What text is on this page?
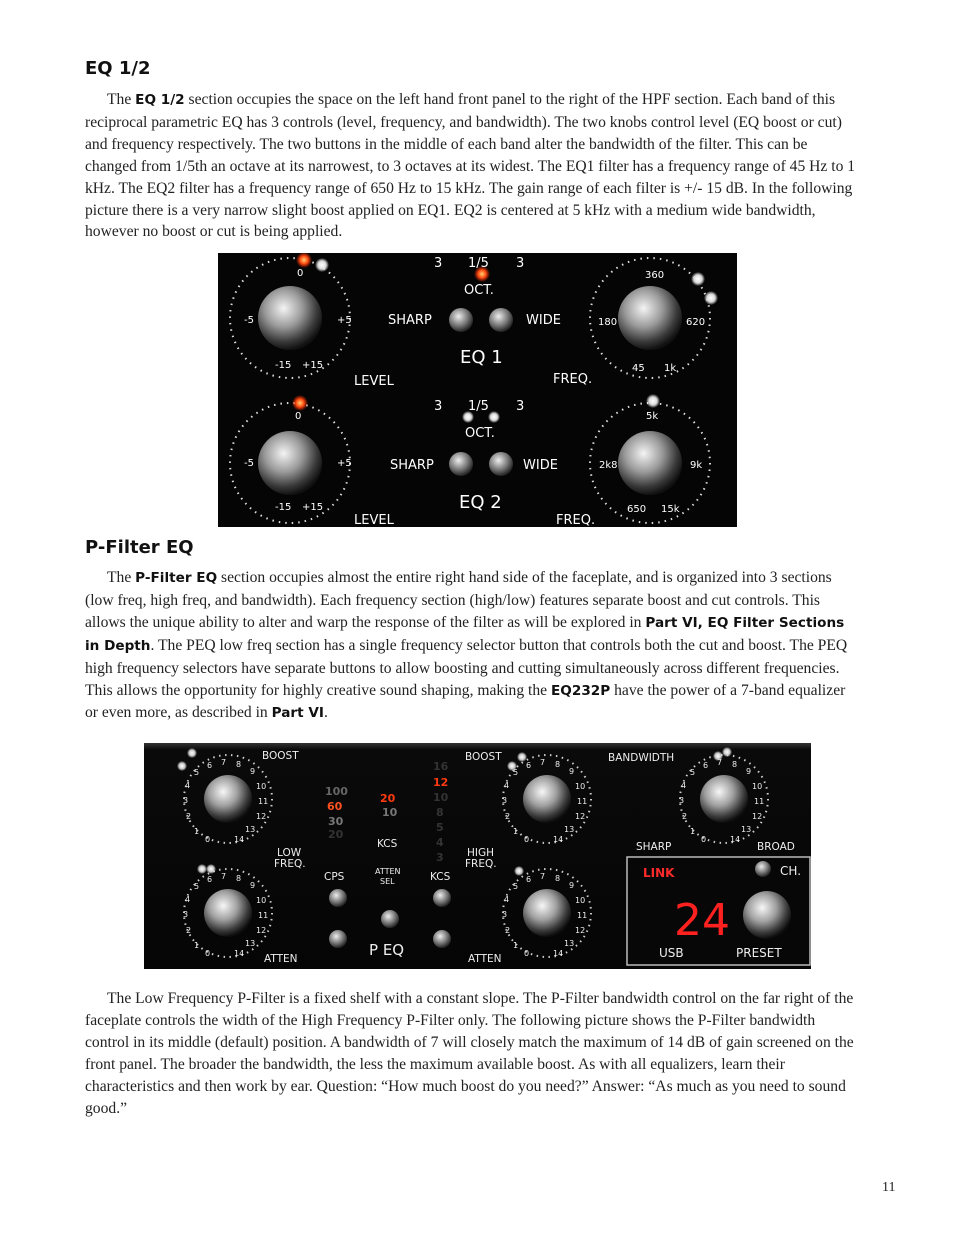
EQ 1/2

The EQ 1/2 section occupies the space on the left hand front panel to the right of the HPF section. Each band of this reciprocal parametric EQ has 3 controls (level, frequency, and bandwidth). The two knobs control level (EQ boost or cut) and frequency respectively. The two buttons in the middle of each band alter the bandwidth of the filter. This can be changed from 1/5th an octave at its narrowest, to 3 octaves at its widest. The EQ1 filter has a frequency range of 45 Hz to 1 kHz. The EQ2 filter has a frequency range of 650 Hz to 15 kHz. The gain range of each filter is +/- 15 dB. In the following picture there is a very narrow slight boost applied on EQ1. EQ2 is centered at 5 kHz with a medium wide bandwidth, however no boost or cut is being applied.

0
-5	+5
-15 +15
360
180	620
45 1k
3 1/5 3
OCT.
SHARP	WIDE
LEVEL	FREQ.
EQ 1
0
-5	+5
-15 +15
5k
2k8	9k
650 15k
3 1/5 3
OCT.
SHARP	WIDE
LEVEL	FREQ.
EQ 2
P-Filter EQ

The P-Filter EQ section occupies almost the entire right hand side of the faceplate, and is organized into 3 sections (low freq, high freq, and bandwidth). Each frequency section (high/low) features separate boost and cut controls. This allows the unique ability to alter and warp the response of the filter as will be explored in Part VI, EQ Filter Sections in Depth. The PEQ low freq section has a single frequency selector button that controls both the cut and boost. The PEQ high frequency selectors have separate buttons to allow boosting and cutting simultaneously across different frequencies. This allows the opportunity for highly creative sound shaping, making the EQ232P have the power of a 7-band equalizer or even more, as described in Part VI.

0
1
2
3
4
5
6 7 8
9
10
11
12
13
14
0
1
2
3
4
5
6 7 8
9
10
11
12
13
14
0
1
2
3
4
5
6 7 8
9
10
11
12
13
14
0
1
2
3
4
5
6 7 8
9
10
11
12
13
14
0
1
2
3
4
5
6 7 8
9
10
11
12
13
14
BOOST	BOOST	BANDWIDTH
LOW
FREQ.
HIGH
FREQ.
ATTEN	ATTEN
CPS
KCS
KCS
SHARP	BROAD
ATTEN
SEL
P EQ
100
60
30
20
20
10
16
12
10
8
5
4
3
LINK	CH.
24
USB	PRESET

The Low Frequency P-Filter is a fixed shelf with a constant slope. The P-Filter bandwidth control on the far right of the faceplate controls the width of the High Frequency P-Filter only. The following picture shows the P-Filter bandwidth control in its middle (default) position. A bandwidth of 7 will closely match the maximum of 14 dB of gain screened on the front panel. The broader the bandwidth, the less the maximum available boost. As with all equalizers, learn their characteristics and then work by ear. Question: “How much boost do you need?” Answer: “As much as you need to sound good.”

11
